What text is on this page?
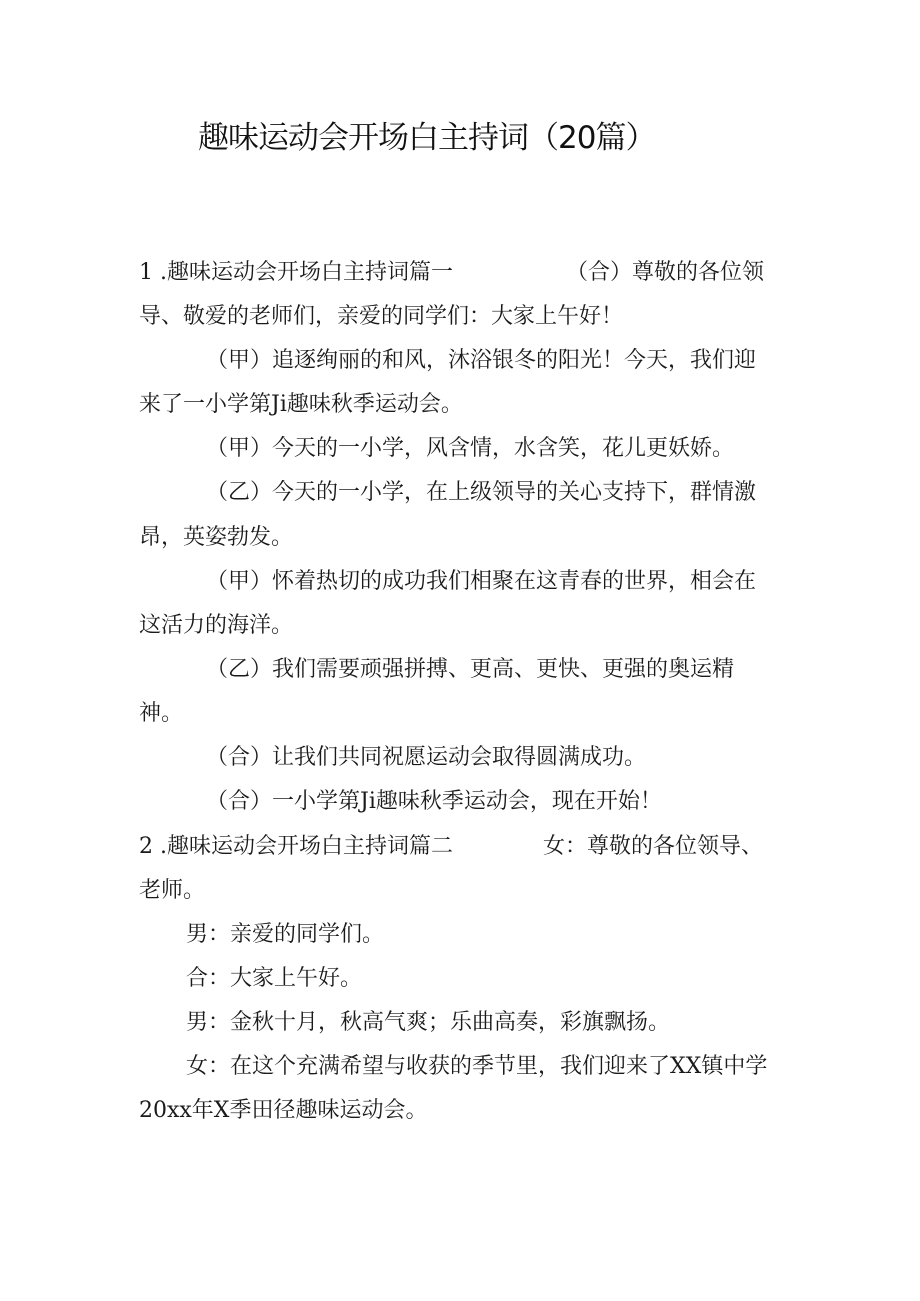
趣味运动会开场白主持词（20篇）
1 .趣味运动会开场白主持词篇一	（合）尊敬的各位领
导、敬爱的老师们，亲爱的同学们：大家上午好！
（甲）追逐绚丽的和风，沐浴银冬的阳光！今天，我们迎
来了一小学第Ji趣味秋季运动会。
（甲）今天的一小学，风含情，水含笑，花儿更妖娇。
（乙）今天的一小学，在上级领导的关心支持下，群情激
昂，英姿勃发。
（甲）怀着热切的成功我们相聚在这青春的世界，相会在
这活力的海洋。
（乙）我们需要顽强拼搏、更高、更快、更强的奥运精
神。
（合）让我们共同祝愿运动会取得圆满成功。
（合）一小学第Ji趣味秋季运动会，现在开始！
2 .趣味运动会开场白主持词篇二	女：尊敬的各位领导、
老师。
男：亲爱的同学们。
合：大家上午好。
男：金秋十月，秋高气爽；乐曲高奏，彩旗飘扬。
女：在这个充满希望与收获的季节里，我们迎来了XX镇中学
20xx年X季田径趣味运动会。
